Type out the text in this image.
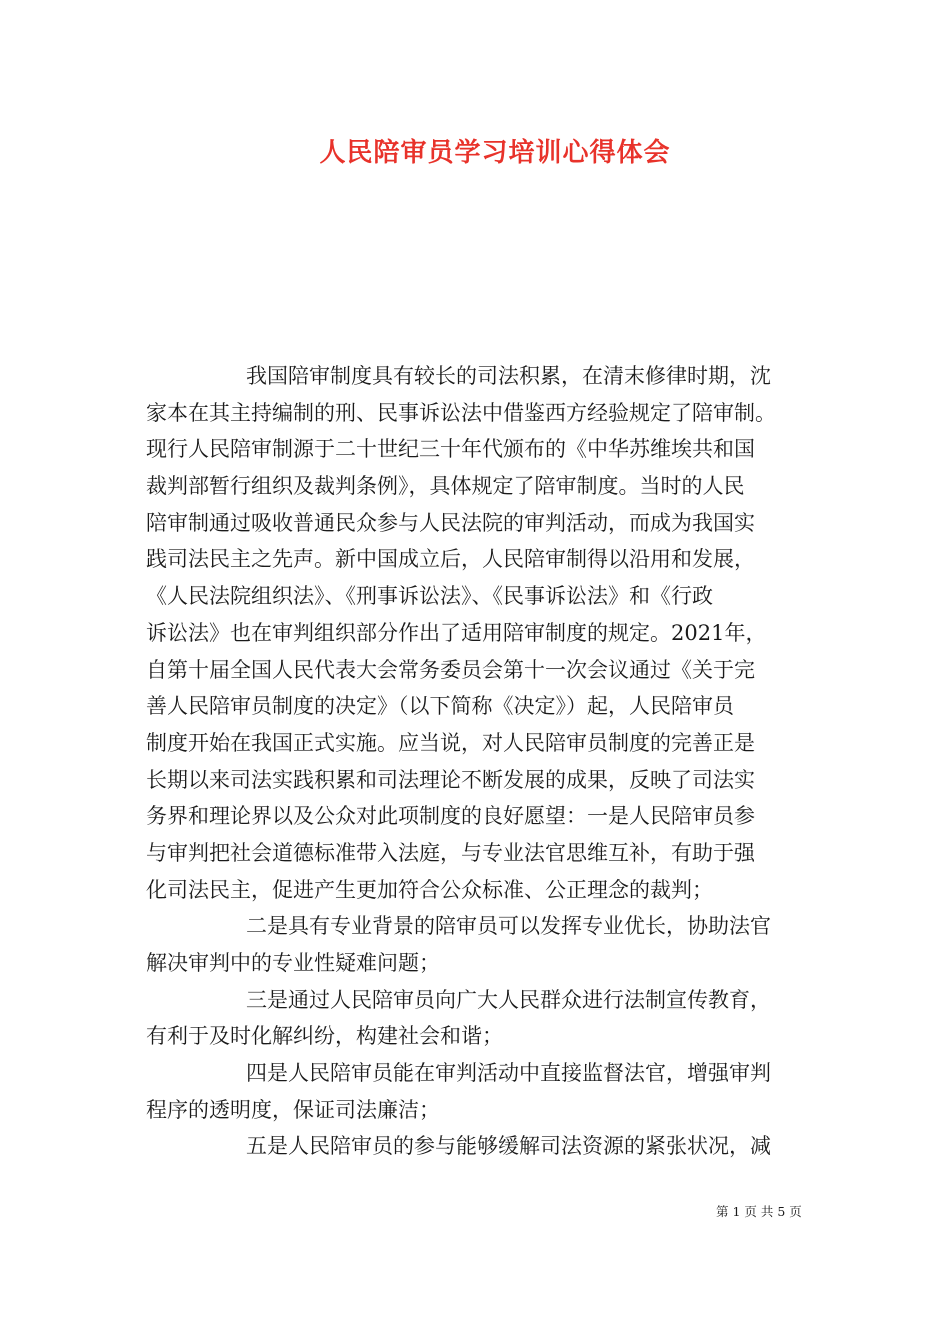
人民陪审员学习培训心得体会
我国陪审制度具有较长的司法积累，在清末修律时期，沈
家本在其主持编制的刑、民事诉讼法中借鉴西方经验规定了陪审制。
现行人民陪审制源于二十世纪三十年代颁布的《中华苏维埃共和国
裁判部暂行组织及裁判条例》，具体规定了陪审制度。当时的人民
陪审制通过吸收普通民众参与人民法院的审判活动，而成为我国实
践司法民主之先声。新中国成立后，人民陪审制得以沿用和发展，
《人民法院组织法》、《刑事诉讼法》、《民事诉讼法》和《行政
诉讼法》也在审判组织部分作出了适用陪审制度的规定。2021年，
自第十届全国人民代表大会常务委员会第十一次会议通过《关于完
善人民陪审员制度的决定》（以下简称《决定》）起，人民陪审员
制度开始在我国正式实施。应当说，对人民陪审员制度的完善正是
长期以来司法实践积累和司法理论不断发展的成果，反映了司法实
务界和理论界以及公众对此项制度的良好愿望：一是人民陪审员参
与审判把社会道德标准带入法庭，与专业法官思维互补，有助于强
化司法民主，促进产生更加符合公众标准、公正理念的裁判；
二是具有专业背景的陪审员可以发挥专业优长，协助法官
解决审判中的专业性疑难问题；
三是通过人民陪审员向广大人民群众进行法制宣传教育，
有利于及时化解纠纷，构建社会和谐；
四是人民陪审员能在审判活动中直接监督法官，增强审判
程序的透明度，保证司法廉洁；
五是人民陪审员的参与能够缓解司法资源的紧张状况，减
第 1 页 共 5 页
